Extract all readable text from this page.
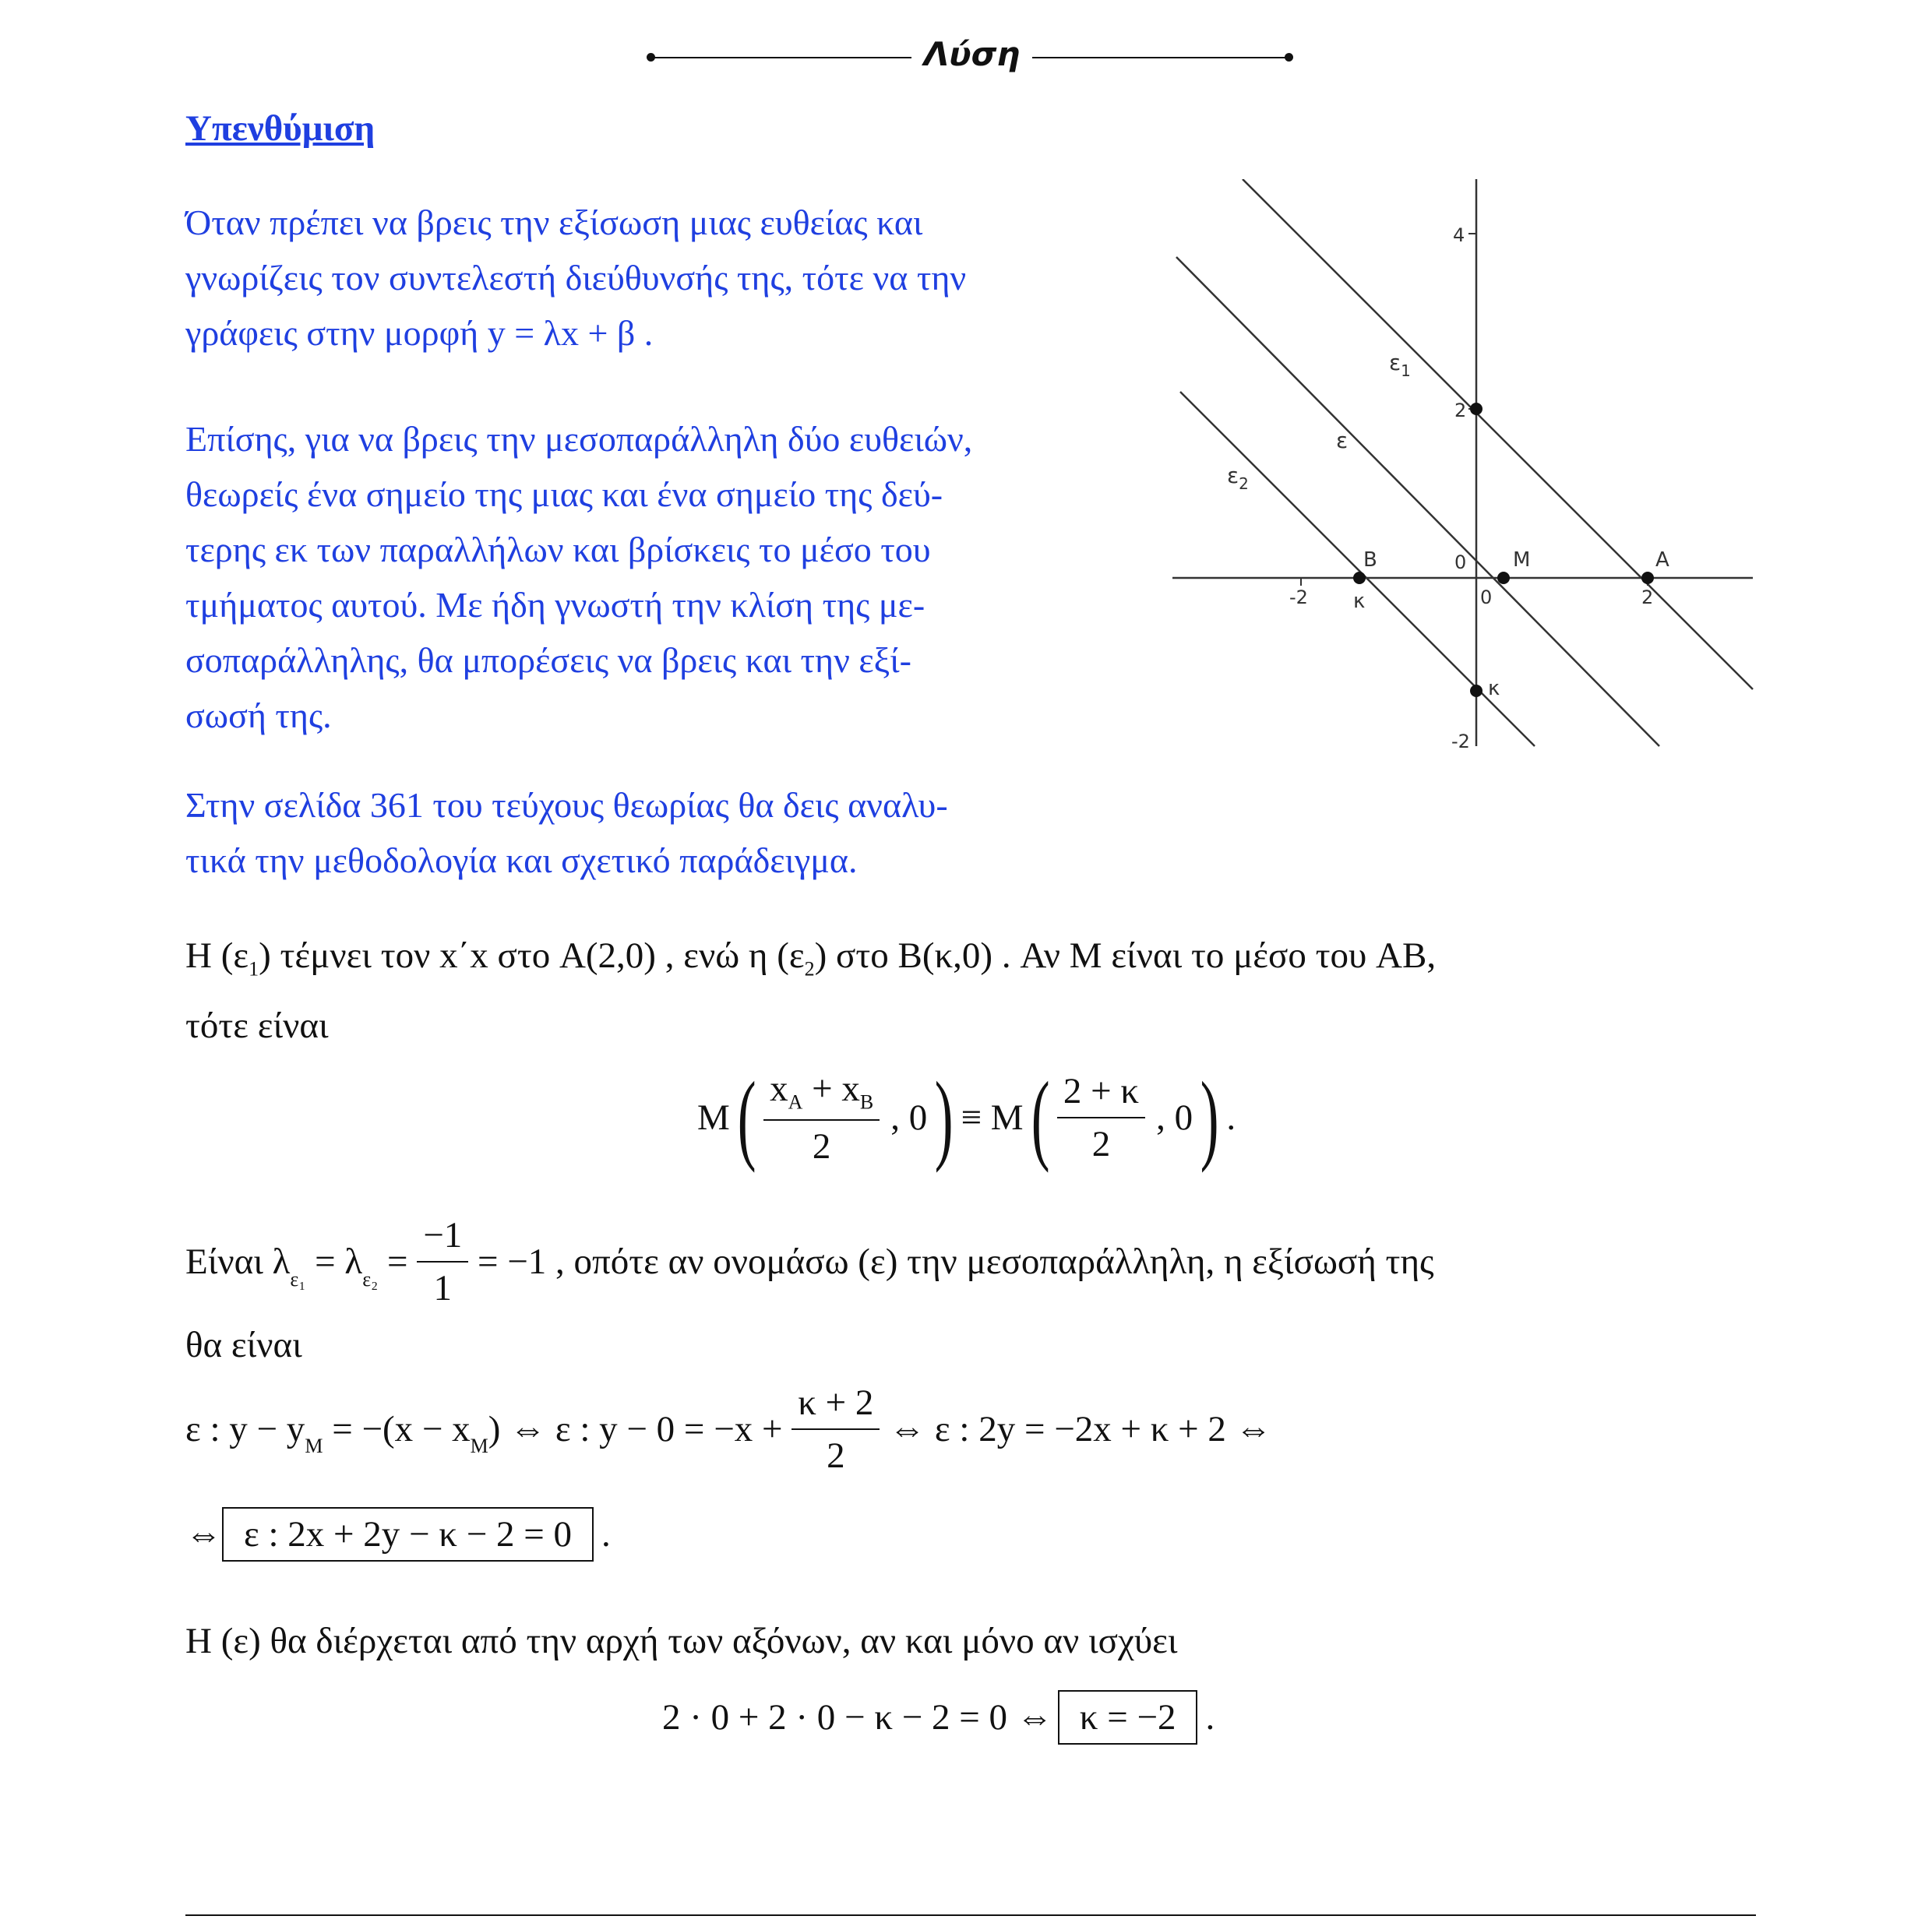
Λύση
Υπενθύμιση
Όταν πρέπει να βρεις την εξίσωση μιας ευθείας και
γνωρίζεις τον συντελεστή διεύθυνσής της, τότε να την
γράφεις στην μορφή y = λx + β .
Επίσης, για να βρεις την μεσοπαράλληλη δύο ευθειών,
θεωρείς ένα σημείο της μιας και ένα σημείο της δεύ-
τερης εκ των παραλλήλων και βρίσκεις το μέσο του
τμήματος αυτού. Με ήδη γνωστή την κλίση της με-
σοπαράλληλης, θα μπορέσεις να βρεις και την εξί-
σωσή της.
Στην σελίδα 361 του τεύχους θεωρίας θα δεις αναλυ-
τικά την μεθοδολογία και σχετικό παράδειγμα.
4
2
0
-2
-2	0	2
$\varepsilon_1$
ε
$\varepsilon_2$
B	M	A
κ
κ
Η $(\varepsilon_1)$ τέμνει τον x΄x στο A(2,0) , ενώ η $(\varepsilon_2)$ στο B(κ,0) . Αν M είναι το μέσο του AB,
τότε είναι
M ( $\frac{x_A + x_B}{2}$ , 0 ) ≡ M ( $\frac{2 + \kappa}{2}$ , 0 ) .
Είναι $\lambda_{\varepsilon_1} = \lambda_{\varepsilon_2} = \frac{-1}{1} = -1$ , οπότε αν ονομάσω (ε) την μεσοπαράλληλη, η εξίσωσή της
θα είναι
ε : $y - y_M = -(x - x_M$ ) ⇔ ε : $y - 0 = -x + \frac{\kappa + 2}{2}$ ⇔ ε : 2y = −2x + κ + 2 ⇔
⇔ ε : 2x + 2y − κ − 2 = 0 .
Η (ε) θα διέρχεται από την αρχή των αξόνων, αν και μόνο αν ισχύει
2 · 0 + 2 · 0 − κ − 2 = 0 ⇔ κ = −2 .
